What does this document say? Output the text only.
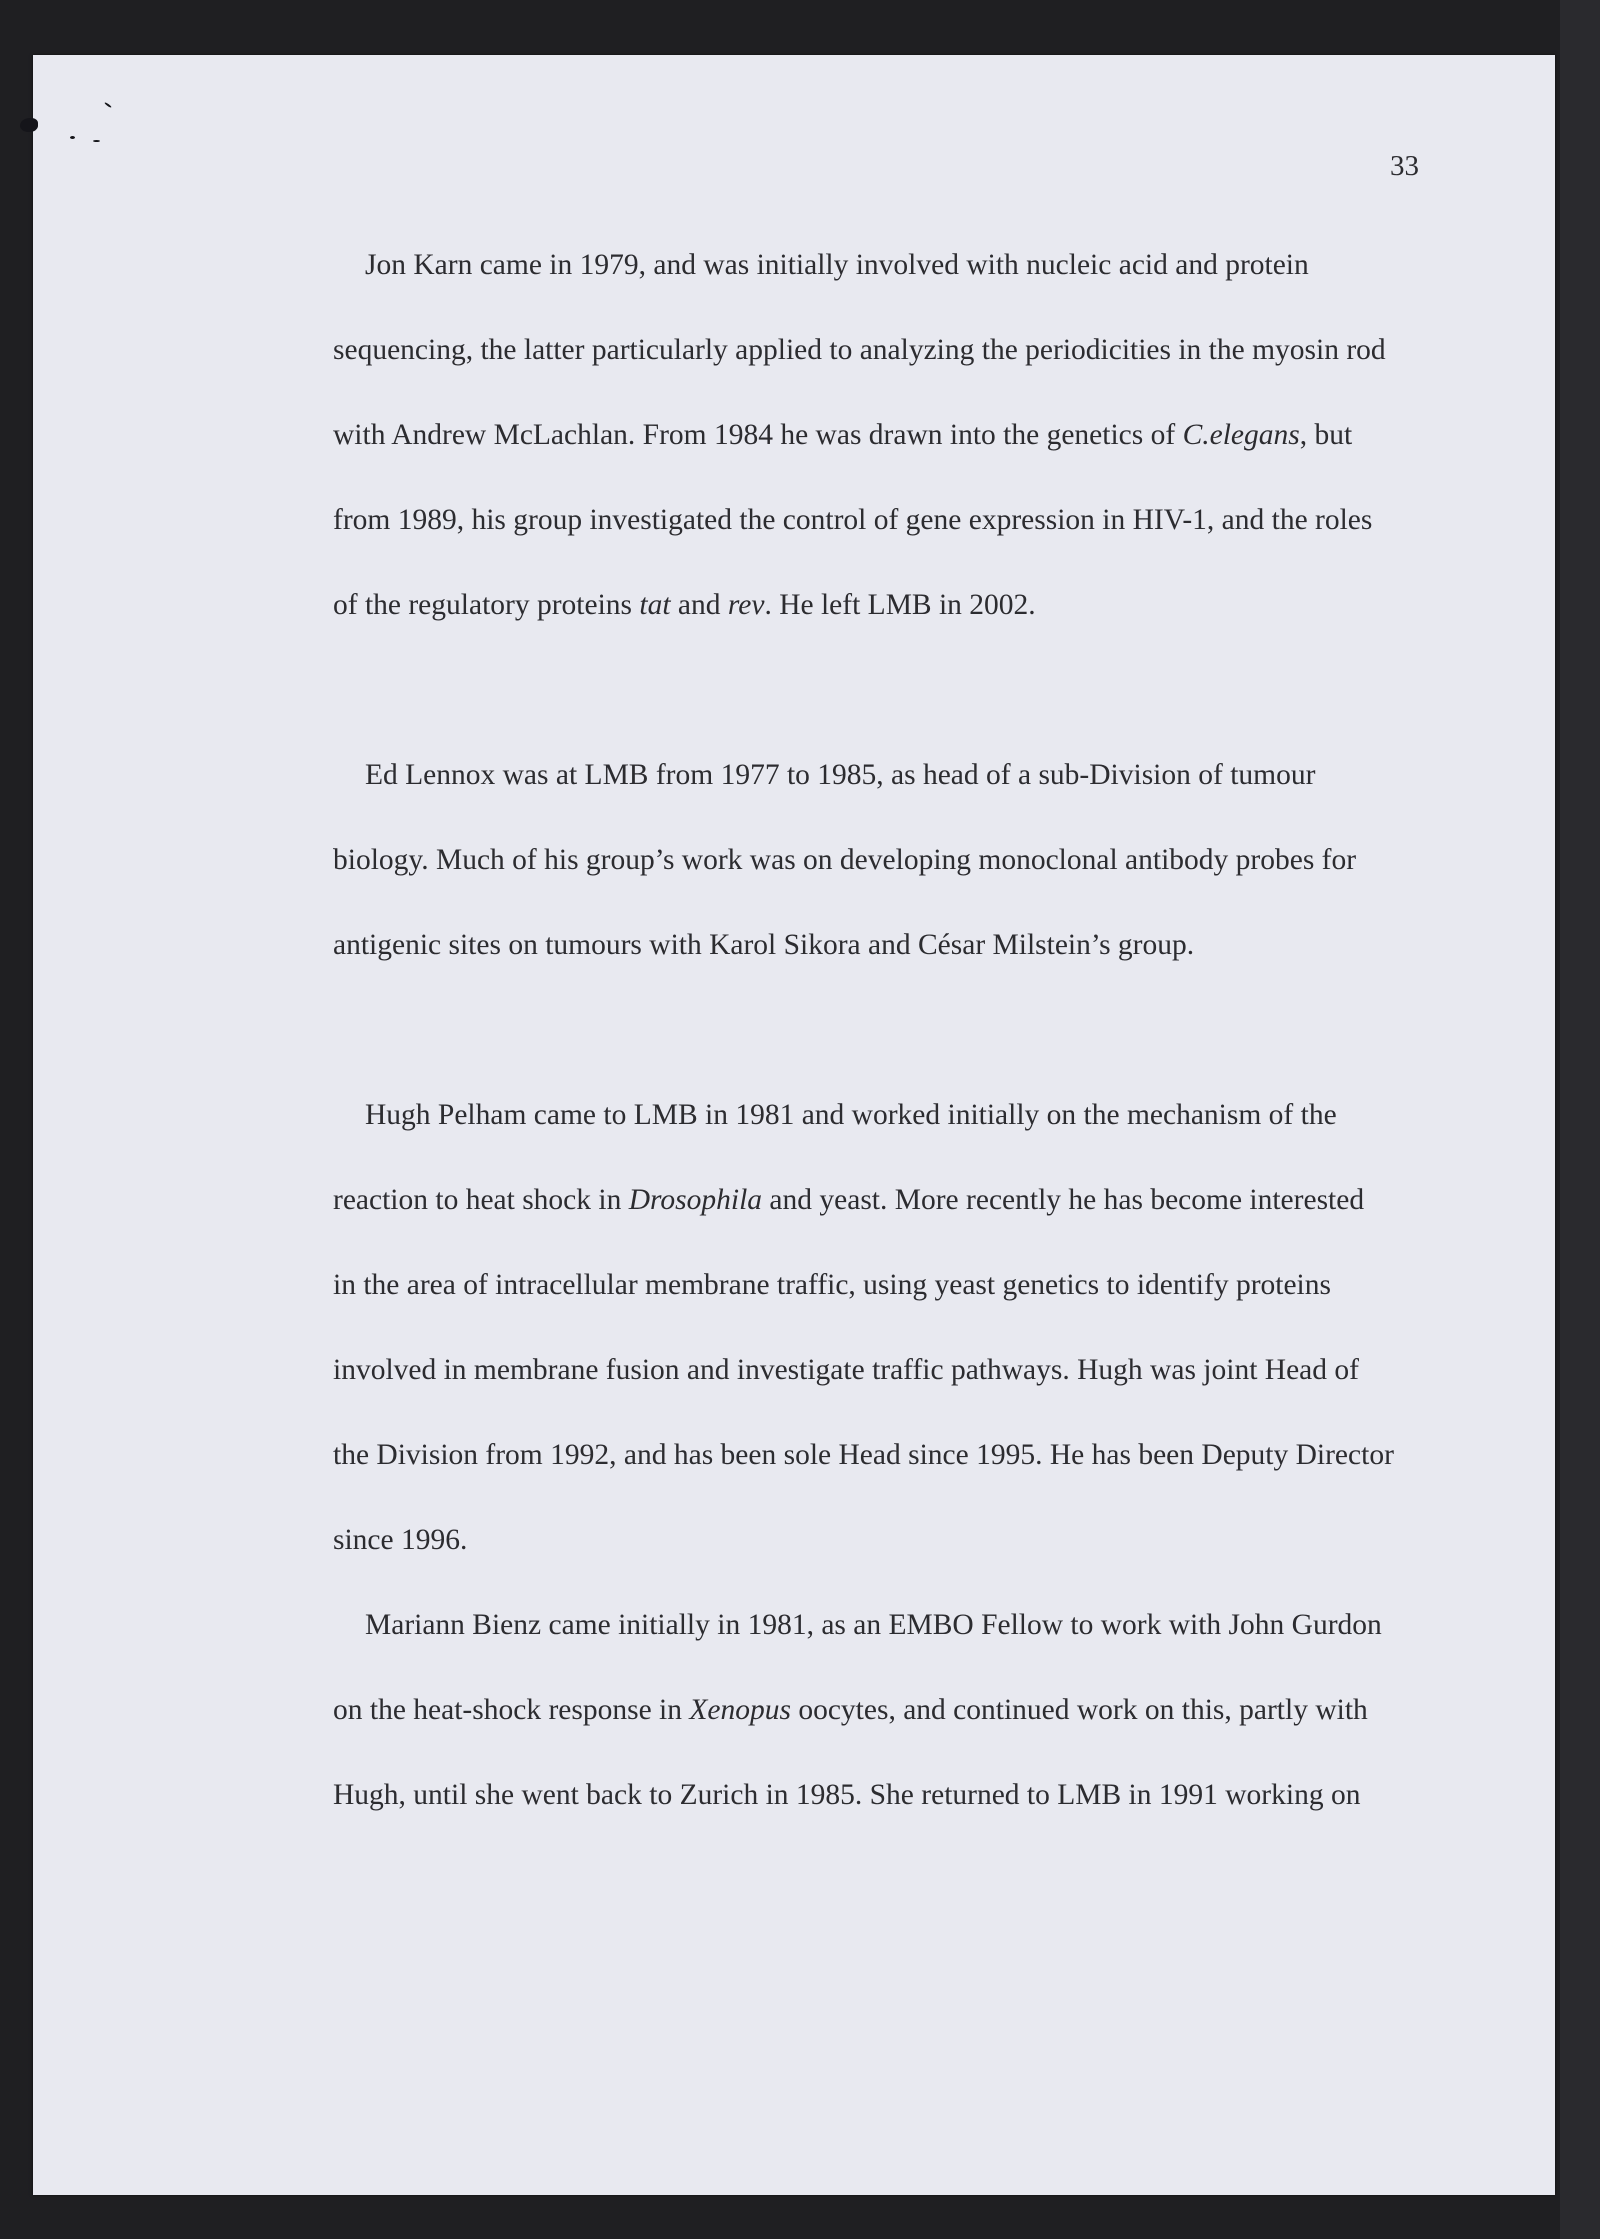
33
Jon Karn came in 1979, and was initially involved with nucleic acid and protein
sequencing, the latter particularly applied to analyzing the periodicities in the myosin rod
with Andrew McLachlan. From 1984 he was drawn into the genetics of C.elegans, but
from 1989, his group investigated the control of gene expression in HIV-1, and the roles
of the regulatory proteins tat and rev. He left LMB in 2002.
Ed Lennox was at LMB from 1977 to 1985, as head of a sub-Division of tumour
biology. Much of his group’s work was on developing monoclonal antibody probes for
antigenic sites on tumours with Karol Sikora and César Milstein’s group.
Hugh Pelham came to LMB in 1981 and worked initially on the mechanism of the
reaction to heat shock in Drosophila and yeast. More recently he has become interested
in the area of intracellular membrane traffic, using yeast genetics to identify proteins
involved in membrane fusion and investigate traffic pathways. Hugh was joint Head of
the Division from 1992, and has been sole Head since 1995. He has been Deputy Director
since 1996.
Mariann Bienz came initially in 1981, as an EMBO Fellow to work with John Gurdon
on the heat-shock response in Xenopus oocytes, and continued work on this, partly with
Hugh, until she went back to Zurich in 1985. She returned to LMB in 1991 working on
